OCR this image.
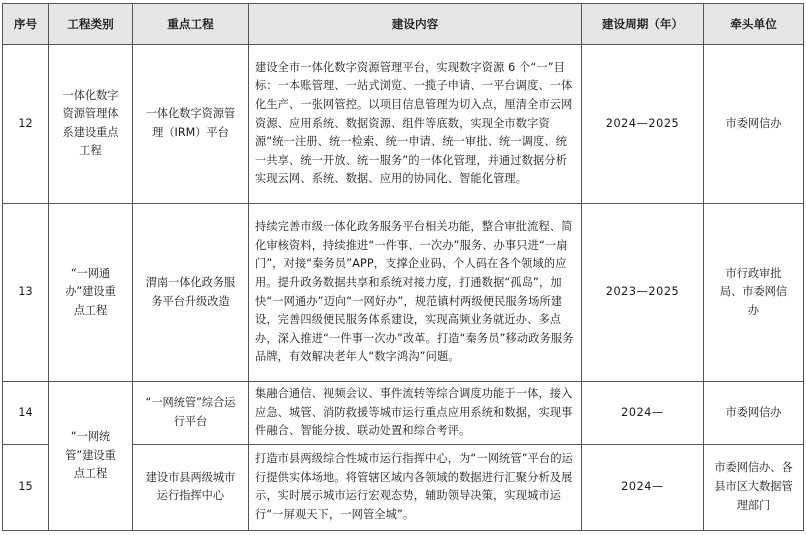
序号	工程类别	重点工程	建设内容	建设周期（年）	牵头单位
12	一体化数字资源管理体系建设重点工程	一体化数字资源管理（IRM）平台	建设全市一体化数字资源管理平台，实现数字资源 6 个“一”目标：一本账管理、一站式浏览、一揽子申请、一平台调度、一体化生产、一张网管控。以项目信息管理为切入点，厘清全市云网资源、应用系统、数据资源、组件等底数，实现全市数字资源“统一注册、统一检索、统一申请、统一审批、统一调度、统一共享、统一开放、统一服务”的一体化管理，并通过数据分析实现云网、系统、数据、应用的协同化、智能化管理。	2024—2025	市委网信办
13	“一网通办”建设重点工程	渭南一体化政务服务平台升级改造	持续完善市级一体化政务服务平台相关功能，整合审批流程、简化审核资料，持续推进“一件事、一次办”服务、办事只进“一扇门”，对接“秦务员”APP，支撑企业码、个人码在各个领域的应用。提升政务数据共享和系统对接力度，打通数据“孤岛”，加快“一网通办”迈向“一网好办”，规范镇村两级便民服务场所建设，完善四级便民服务体系建设，实现高频业务就近办、多点办，深入推进“一件事一次办”改革。打造“秦务员”移动政务服务品牌，有效解决老年人“数字鸿沟”问题。	2023—2025	市行政审批局、市委网信办
14	“一网统管”建设重点工程	“一网统管”综合运行平台	集融合通信、视频会议、事件流转等综合调度功能于一体，接入应急、城管、消防救援等城市运行重点应用系统和数据，实现事件融合、智能分拔、联动处置和综合考评。	2024—	市委网信办
15		建设市县两级城市运行指挥中心	打造市县两级综合性城市运行指挥中心，为“一网统管”平台的运行提供实体场地。将管辖区域内各领域的数据进行汇聚分析及展示，实时展示城市运行宏观态势，辅助领导决策，实现城市运行“一屏观天下，一网管全城”。	2024—	市委网信办、各县市区大数据管理部门
